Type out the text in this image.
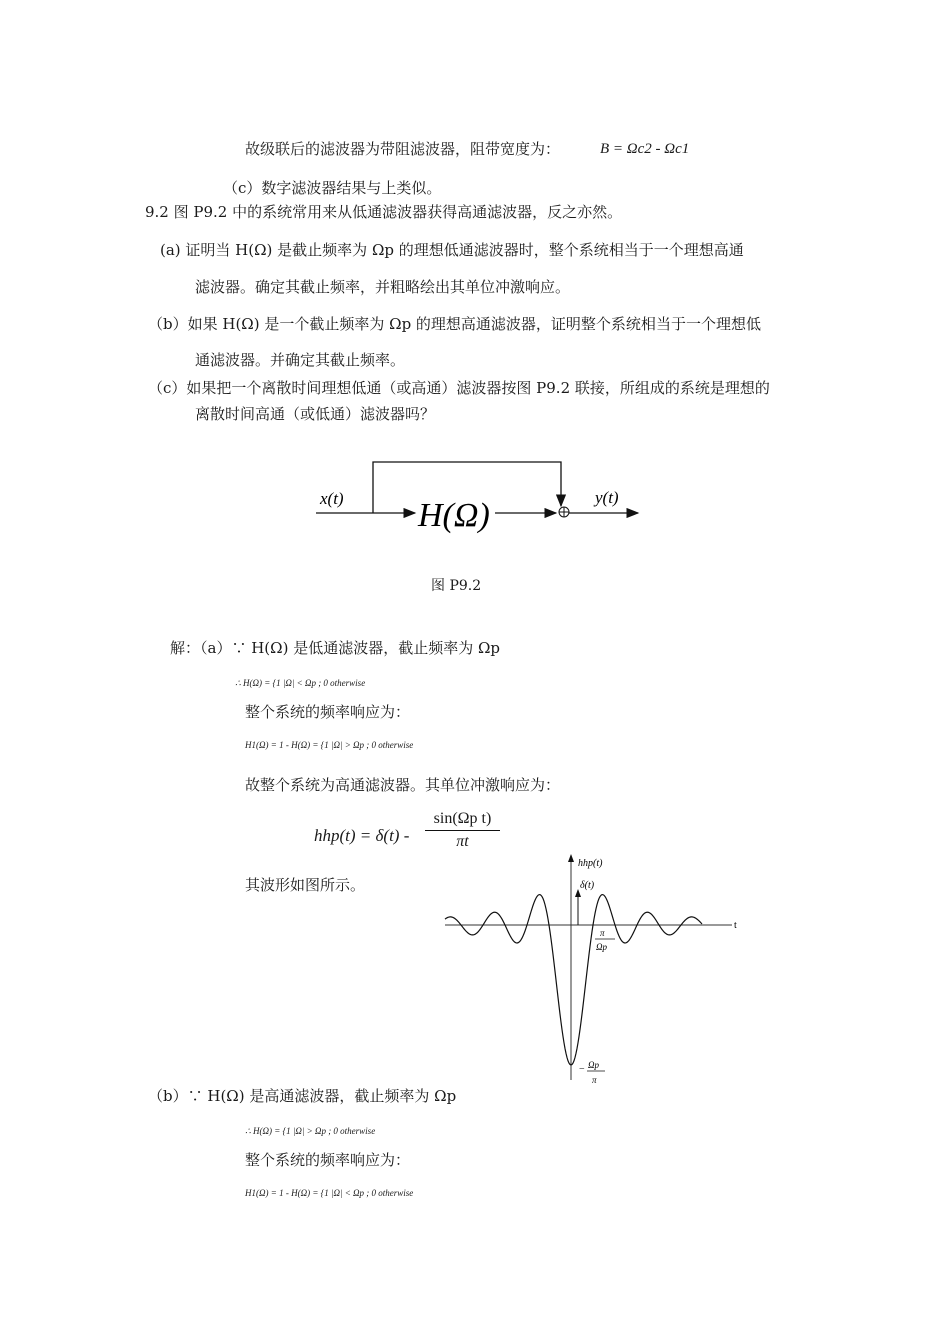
故级联后的滤波器为带阻滤波器，阻带宽度为：	B = Ωc2 - Ωc1
（c）数字滤波器结果与上类似。
9.2 图 P9.2 中的系统常用来从低通滤波器获得高通滤波器，反之亦然。
(a) 证明当 H(Ω) 是截止频率为 Ωp 的理想低通滤波器时，整个系统相当于一个理想高通
滤波器。确定其截止频率，并粗略绘出其单位冲激响应。
（b）如果 H(Ω) 是一个截止频率为 Ωp 的理想高通滤波器，证明整个系统相当于一个理想低
通滤波器。并确定其截止频率。
（c）如果把一个离散时间理想低通（或高通）滤波器按图 P9.2 联接，所组成的系统是理想的
离散时间高通（或低通）滤波器吗？
x(t) H(Ω)	y(t)
图 P9.2
解：（a）∵ H(Ω) 是低通滤波器，截止频率为 Ωp
∴ H(Ω) = {1 |Ω| < Ωp ; 0 otherwise
整个系统的频率响应为：
H1(Ω) = 1 - H(Ω) = {1 |Ω| > Ωp ; 0 otherwise
故整个系统为高通滤波器。其单位冲激响应为：
$hhp(t) = \delta(t) - \frac{\text{sin(Ωp t)}}{\pi t}$
其波形如图所示。
hhp(t)
δ(t)
t
π
Ωp
− Ωp
π
（b）∵ H(Ω) 是高通滤波器，截止频率为 Ωp
∴ H(Ω) = {1 |Ω| > Ωp ; 0 otherwise
整个系统的频率响应为：
H1(Ω) = 1 - H(Ω) = {1 |Ω| < Ωp ; 0 otherwise
